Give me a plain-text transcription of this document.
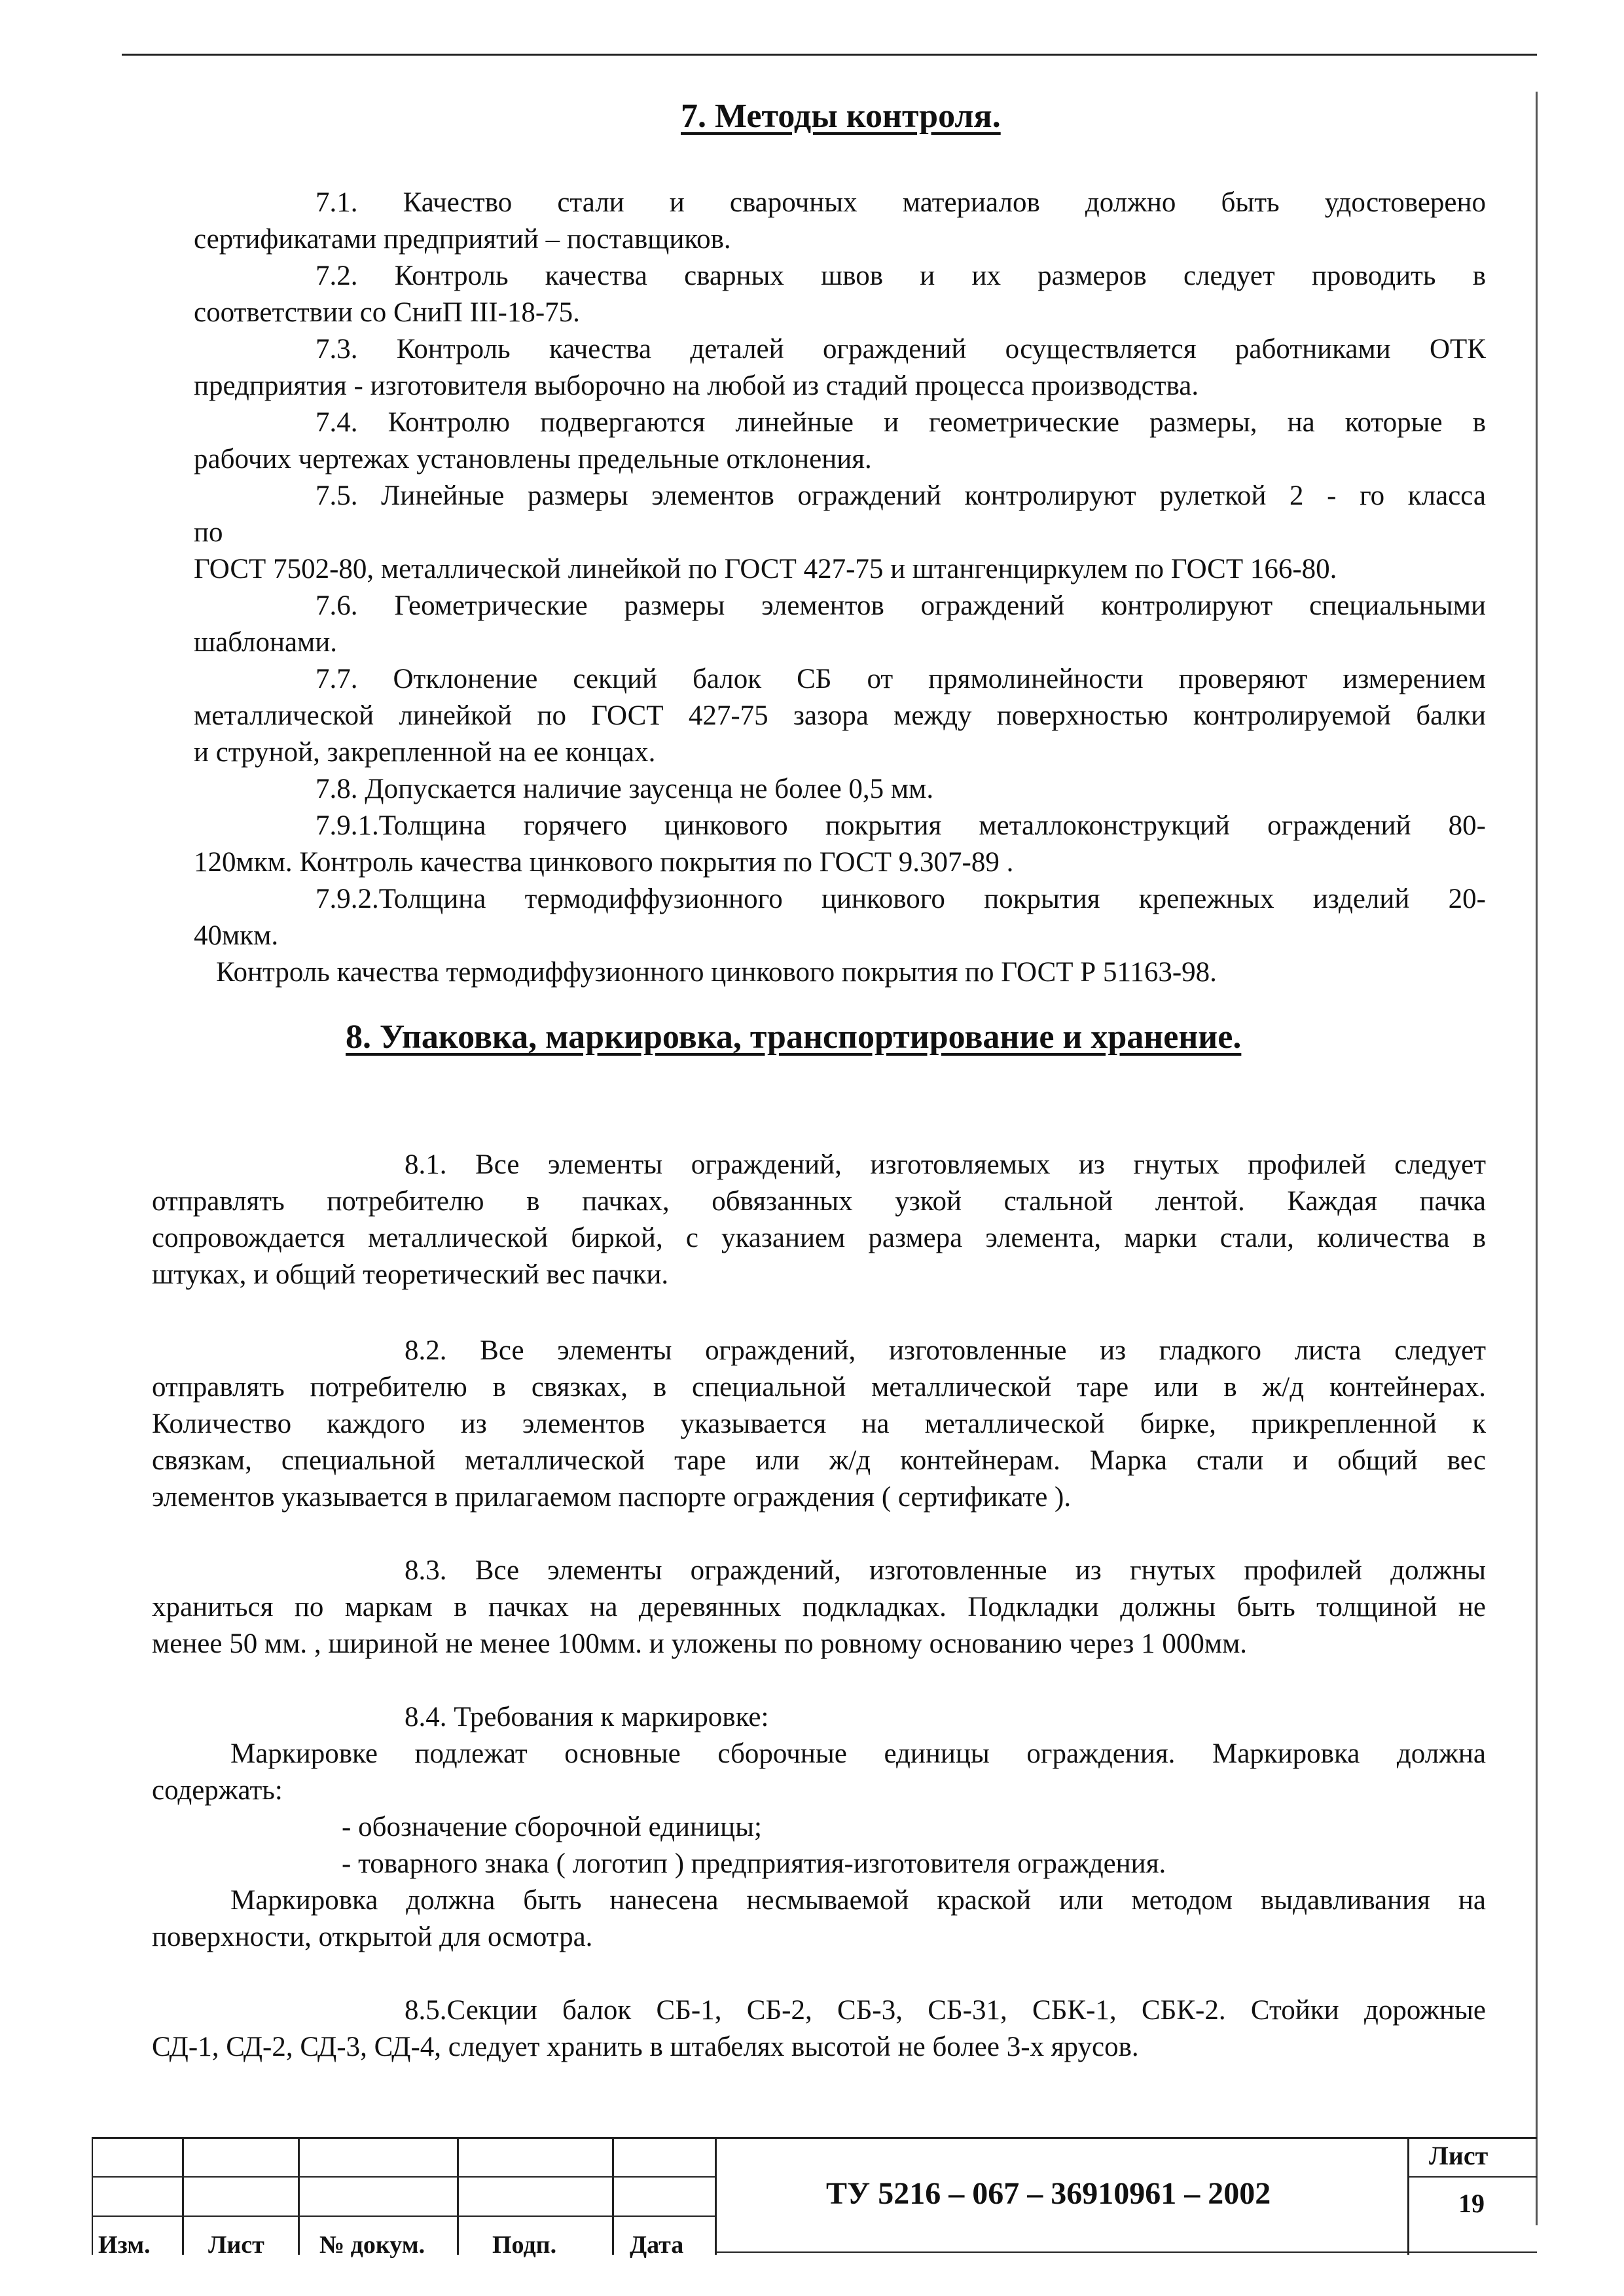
7. Методы контроля.
7.1. Качество стали и сварочных материалов должно быть удостоверено
сертификатами предприятий – поставщиков.
7.2. Контроль качества сварных швов и их размеров следует проводить в
соответствии со СниП III-18-75.
7.3. Контроль качества деталей ограждений осуществляется работниками ОТК
предприятия - изготовителя выборочно на любой из стадий процесса производства.
7.4. Контролю подвергаются линейные и геометрические размеры, на которые в
рабочих чертежах установлены предельные отклонения.
7.5. Линейные размеры элементов ограждений контролируют рулеткой 2 - го класса
по
ГОСТ 7502-80, металлической линейкой по ГОСТ 427-75 и штангенциркулем по ГОСТ 166-80.
7.6. Геометрические размеры элементов ограждений контролируют специальными
шаблонами.
7.7. Отклонение секций балок СБ от прямолинейности проверяют измерением
металлической линейкой по ГОСТ 427-75 зазора между поверхностью контролируемой балки
и струной, закрепленной на ее концах.
7.8. Допускается наличие заусенца не более 0,5 мм.
7.9.1.Толщина горячего цинкового покрытия металлоконструкций ограждений 80-
120мкм. Контроль качества цинкового покрытия по ГОСТ 9.307-89 .
7.9.2.Толщина термодиффузионного цинкового покрытия крепежных изделий 20-
40мкм.
Контроль качества термодиффузионного цинкового покрытия по ГОСТ Р 51163-98.
8. Упаковка, маркировка, транспортирование и хранение.
8.1. Все элементы ограждений, изготовляемых из гнутых профилей следует
отправлять потребителю в пачках, обвязанных узкой стальной лентой. Каждая пачка
сопровождается металлической биркой, с указанием размера элемента, марки стали, количества в
штуках, и общий теоретический вес пачки.
8.2. Все элементы ограждений, изготовленные из гладкого листа следует
отправлять потребителю в связках, в специальной металлической таре или в ж/д контейнерах.
Количество каждого из элементов указывается на металлической бирке, прикрепленной к
связкам, специальной металлической таре или ж/д контейнерам. Марка стали и общий вес
элементов указывается в прилагаемом паспорте ограждения ( сертификате ).
8.3. Все элементы ограждений, изготовленные из гнутых профилей должны
храниться по маркам в пачках на деревянных подкладках. Подкладки должны быть толщиной не
менее 50 мм. , шириной не менее 100мм. и уложены по ровному основанию через 1 000мм.
8.4. Требования к маркировке:
Маркировке подлежат основные сборочные единицы ограждения. Маркировка должна
содержать:
- обозначение сборочной единицы;
- товарного знака ( логотип ) предприятия-изготовителя ограждения.
Маркировка должна быть нанесена несмываемой краской или методом выдавливания на
поверхности, открытой для осмотра.
8.5.Секции балок СБ-1, СБ-2, СБ-3, СБ-31, СБК-1, СБК-2. Стойки дорожные
СД-1, СД-2, СД-3, СД-4, следует хранить в штабелях высотой не более 3-х ярусов.
ТУ 5216 – 067 – 36910961 – 2002
Лист
19
Изм. Лист № докум.	Подп.	Дата
